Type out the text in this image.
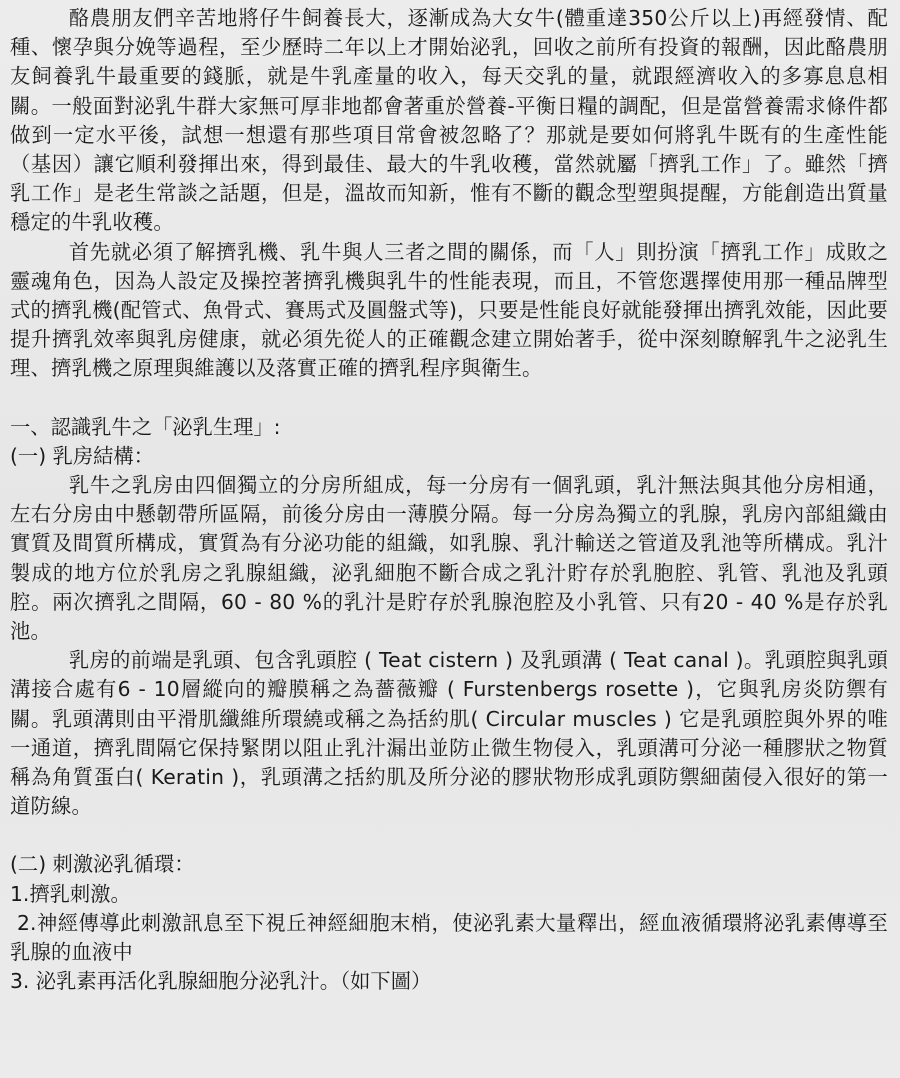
酪農朋友們辛苦地將仔牛飼養長大，逐漸成為大女牛(體重達350公斤以上)再經發情、配種、懷孕與分娩等過程，至少歷時二年以上才開始泌乳，回收之前所有投資的報酬，因此酪農朋友飼養乳牛最重要的錢脈，就是牛乳產量的收入，每天交乳的量，就跟經濟收入的多寡息息相關。一般面對泌乳牛群大家無可厚非地都會著重於營養-平衡日糧的調配，但是當營養需求條件都做到一定水平後，試想一想還有那些項目常會被忽略了？那就是要如何將乳牛既有的生產性能（基因）讓它順利發揮出來，得到最佳、最大的牛乳收穫，當然就屬「擠乳工作」了。雖然「擠乳工作」是老生常談之話題，但是，溫故而知新，惟有不斷的觀念型塑與提醒，方能創造出質量穩定的牛乳收穫。

首先就必須了解擠乳機、乳牛與人三者之間的關係，而「人」則扮演「擠乳工作」成敗之靈魂角色，因為人設定及操控著擠乳機與乳牛的性能表現，而且，不管您選擇使用那一種品牌型式的擠乳機(配管式、魚骨式、賽馬式及圓盤式等)，只要是性能良好就能發揮出擠乳效能，因此要提升擠乳效率與乳房健康，就必須先從人的正確觀念建立開始著手，從中深刻瞭解乳牛之泌乳生理、擠乳機之原理與維護以及落實正確的擠乳程序與衛生。

一、認識乳牛之「泌乳生理」:
(一) 乳房結構：

乳牛之乳房由四個獨立的分房所組成，每一分房有一個乳頭，乳汁無法與其他分房相通，左右分房由中懸韌帶所區隔，前後分房由一薄膜分隔。每一分房為獨立的乳腺，乳房內部組織由實質及間質所構成，實質為有分泌功能的組織，如乳腺、乳汁輸送之管道及乳池等所構成。乳汁製成的地方位於乳房之乳腺組織，泌乳細胞不斷合成之乳汁貯存於乳胞腔、乳管、乳池及乳頭腔。兩次擠乳之間隔，60 - 80 %的乳汁是貯存於乳腺泡腔及小乳管、只有20 - 40 %是存於乳池。

乳房的前端是乳頭、包含乳頭腔 ( Teat cistern ) 及乳頭溝 ( Teat canal )。乳頭腔與乳頭溝接合處有6 - 10層縱向的瓣膜稱之為薔薇瓣 ( Furstenbergs rosette )，它與乳房炎防禦有關。乳頭溝則由平滑肌纖維所環繞或稱之為括約肌( Circular muscles ) 它是乳頭腔與外界的唯一通道，擠乳間隔它保持緊閉以阻止乳汁漏出並防止微生物侵入，乳頭溝可分泌一種膠狀之物質稱為角質蛋白( Keratin )，乳頭溝之括約肌及所分泌的膠狀物形成乳頭防禦細菌侵入很好的第一道防線。

(二) 刺激泌乳循環：

1.擠乳刺激。

2.神經傳導此刺激訊息至下視丘神經細胞末梢，使泌乳素大量釋出，經血液循環將泌乳素傳導至乳腺的血液中

3. 泌乳素再活化乳腺細胞分泌乳汁。（如下圖）
